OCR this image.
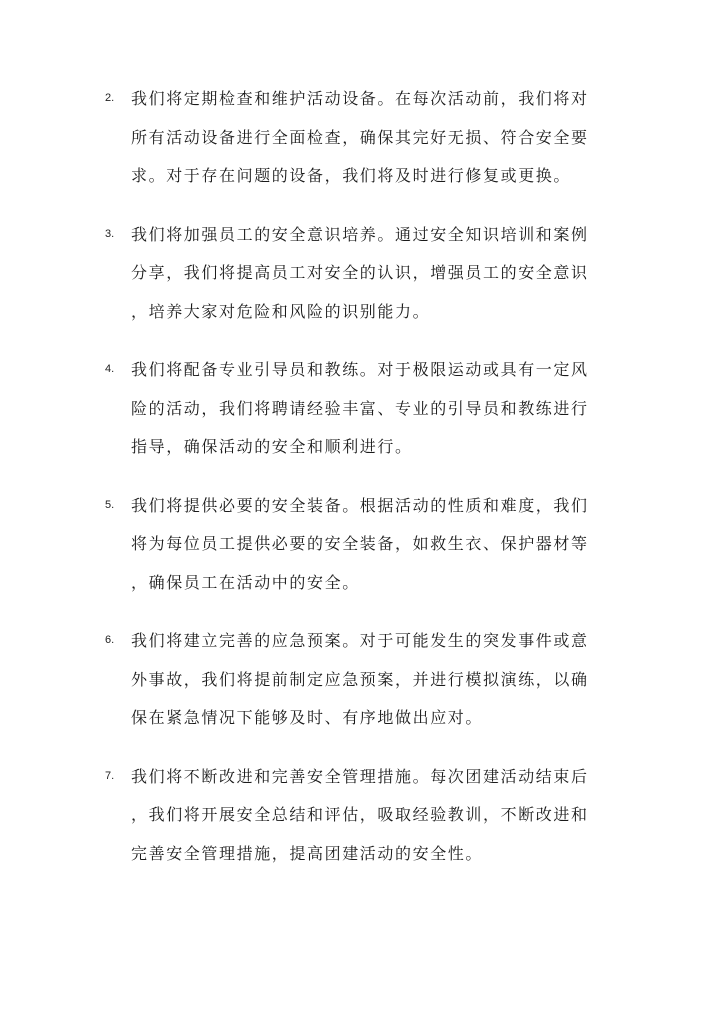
2. 我们将定期检查和维护活动设备。在每次活动前，我们将对
所有活动设备进行全面检查，确保其完好无损、符合安全要
求。对于存在问题的设备，我们将及时进行修复或更换。
3. 我们将加强员工的安全意识培养。通过安全知识培训和案例
分享，我们将提高员工对安全的认识，增强员工的安全意识
，培养大家对危险和风险的识别能力。
4. 我们将配备专业引导员和教练。对于极限运动或具有一定风
险的活动，我们将聘请经验丰富、专业的引导员和教练进行
指导，确保活动的安全和顺利进行。
5. 我们将提供必要的安全装备。根据活动的性质和难度，我们
将为每位员工提供必要的安全装备，如救生衣、保护器材等
，确保员工在活动中的安全。
6. 我们将建立完善的应急预案。对于可能发生的突发事件或意
外事故，我们将提前制定应急预案，并进行模拟演练，以确
保在紧急情况下能够及时、有序地做出应对。
7. 我们将不断改进和完善安全管理措施。每次团建活动结束后
，我们将开展安全总结和评估，吸取经验教训，不断改进和
完善安全管理措施，提高团建活动的安全性。
